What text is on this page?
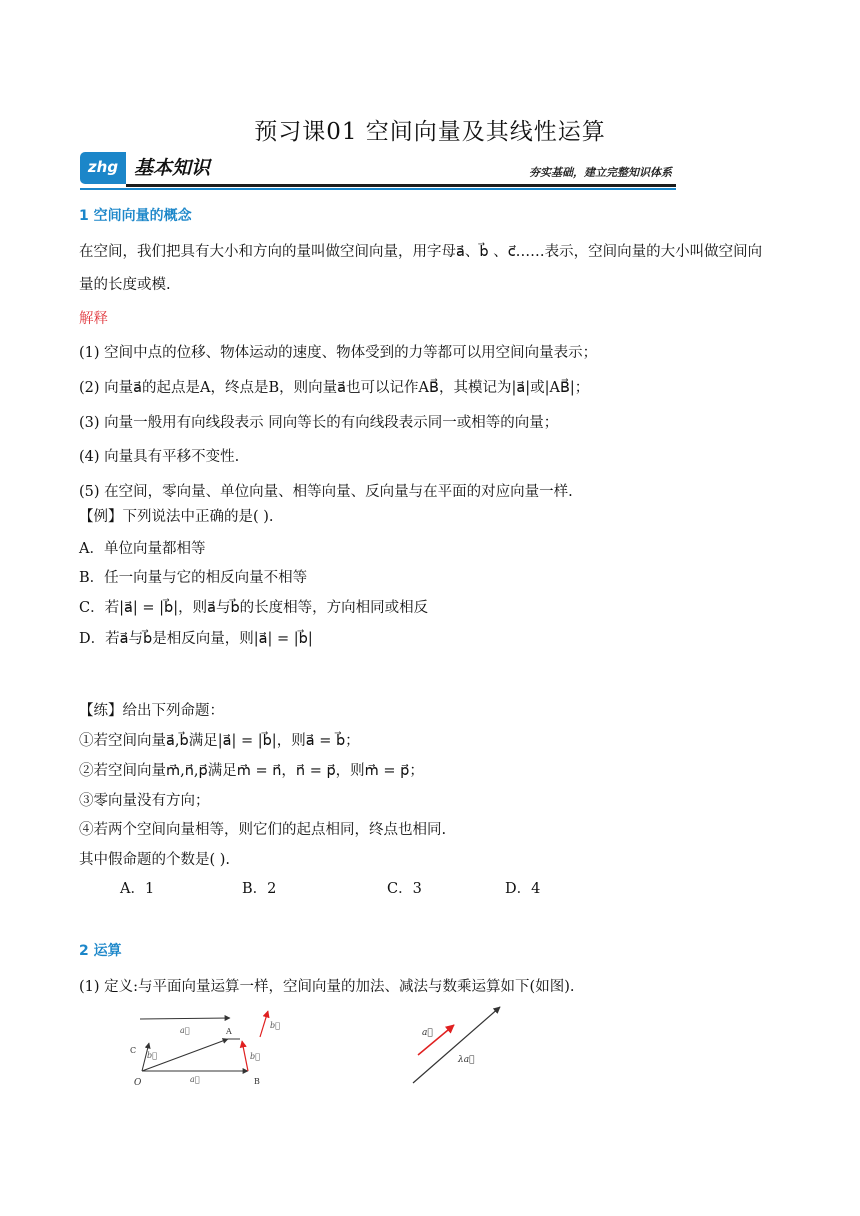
预习课01 空间向量及其线性运算
zhg 基本知识	夯实基础，建立完整知识体系
1 空间向量的概念
在空间，我们把具有大小和方向的量叫做空间向量，用字母a⃗、b⃗ 、c⃗……表示，空间向量的大小叫做空间向
量的长度或模.
解释
(1) 空间中点的位移、物体运动的速度、物体受到的力等都可以用空间向量表示；
(2) 向量a⃗的起点是A，终点是B，则向量a⃗也可以记作AB⃗，其模记为|a⃗|或|AB⃗|；
(3) 向量一般用有向线段表示 同向等长的有向线段表示同一或相等的向量；
(4) 向量具有平移不变性.
(5) 在空间，零向量、单位向量、相等向量、反向量与在平面的对应向量一样.
【例】下列说法中正确的是( ).
A．单位向量都相等
B．任一向量与它的相反向量不相等
C．若|a⃗| = |b⃗|，则a⃗与b⃗的长度相等，方向相同或相反
D．若a⃗与b⃗是相反向量，则|a⃗| = |b⃗|
【练】给出下列命题：
①若空间向量a⃗,b⃗满足|a⃗| = |b⃗|，则a⃗ = b⃗；
②若空间向量m⃗,n⃗,p⃗满足m⃗ = n⃗，n⃗ = p⃗，则m⃗ = p⃗；
③零向量没有方向；
④若两个空间向量相等，则它们的起点相同，终点也相同.
其中假命题的个数是( ).
A．1	B．2	C．3	D．4
2 运算
(1) 定义:与平面向量运算一样，空间向量的加法、减法与数乘运算如下(如图).
a⃗
b⃗
a⃗
b⃗	b⃗
O
C
A
B
a⃗
λa⃗
